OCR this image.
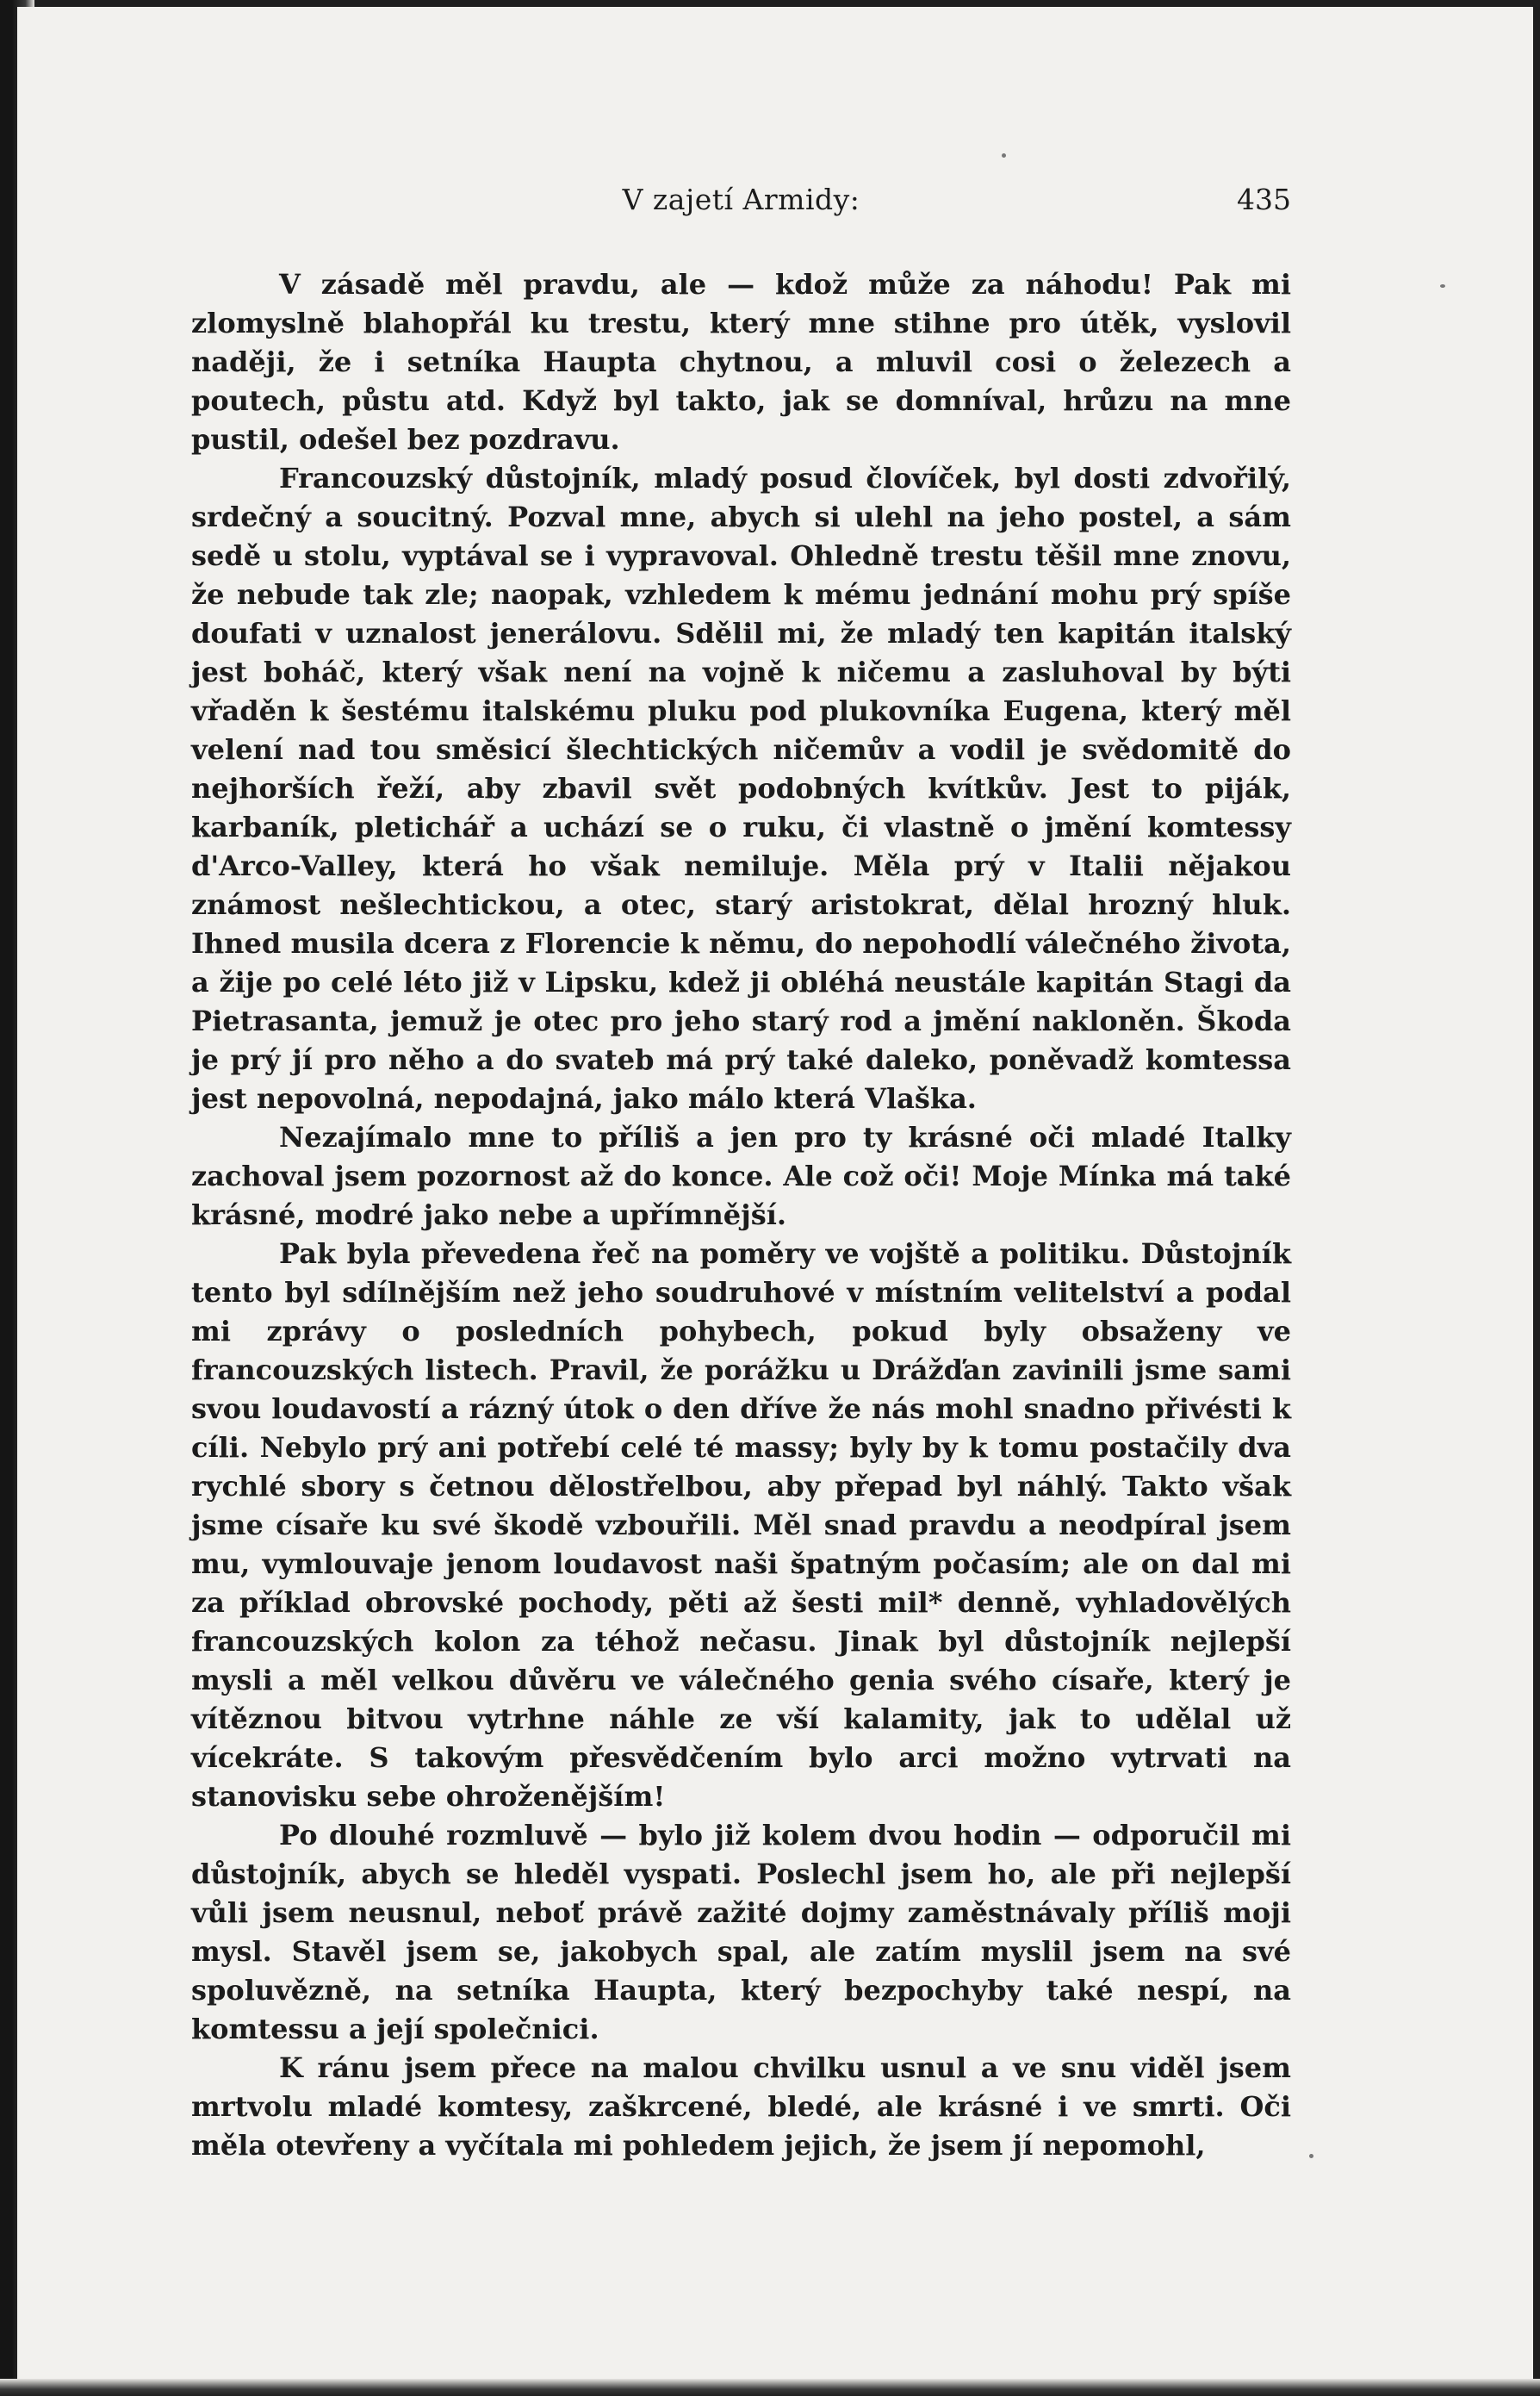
V zajetí Armidy:	435

V zásadě měl pravdu, ale — kdož může za náhodu! Pak mi zlomyslně blahopřál ku trestu, který mne stihne pro útěk, vyslovil naději, že i setníka Haupta chytnou, a mluvil cosi o železech a poutech, půstu atd. Když byl takto, jak se domníval, hrůzu na mne pustil, odešel bez pozdravu.

Francouzský důstojník, mladý posud človíček, byl dosti zdvořilý, srdečný a soucitný. Pozval mne, abych si ulehl na jeho postel, a sám sedě u stolu, vyptával se i vypravoval. Ohledně trestu těšil mne znovu, že nebude tak zle; naopak, vzhledem k mému jednání mohu prý spíše doufati v uznalost jenerálovu. Sdělil mi, že mladý ten kapitán italský jest boháč, který však není na vojně k ničemu a zasluhoval by býti vřaděn k šestému italskému pluku pod plukovníka Eugena, který měl velení nad tou směsicí šlechtických ničemův a vodil je svědomitě do nejhorších řeží, aby zbavil svět podobných kvítkův. Jest to piják, karbaník, pletichář a uchází se o ruku, či vlastně o jmění komtessy d'Arco-Valley, která ho však nemiluje. Měla prý v Italii nějakou známost nešlechtickou, a otec, starý aristokrat, dělal hrozný hluk. Ihned musila dcera z Florencie k němu, do nepohodlí válečného života, a žije po celé léto již v Lipsku, kdež ji obléhá neustále kapitán Stagi da Pietrasanta, jemuž je otec pro jeho starý rod a jmění nakloněn. Škoda je prý jí pro něho a do svateb má prý také daleko, poněvadž komtessa jest nepovolná, nepodajná, jako málo která Vlaška.

Nezajímalo mne to příliš a jen pro ty krásné oči mladé Italky zachoval jsem pozornost až do konce. Ale což oči! Moje Mínka má také krásné, modré jako nebe a upřímnější.

Pak byla převedena řeč na poměry ve vojště a politiku. Důstojník tento byl sdílnějším než jeho soudruhové v místním velitelství a podal mi zprávy o posledních pohybech, pokud byly obsaženy ve francouzských listech. Pravil, že porážku u Drážďan zavinili jsme sami svou loudavostí a rázný útok o den dříve že nás mohl snadno přivésti k cíli. Nebylo prý ani potřebí celé té massy; byly by k tomu postačily dva rychlé sbory s četnou dělostřelbou, aby přepad byl náhlý. Takto však jsme císaře ku své škodě vzbouřili. Měl snad pravdu a neodpíral jsem mu, vymlouvaje jenom loudavost naši špatným počasím; ale on dal mi za příklad obrovské pochody, pěti až šesti mil* denně, vyhladovělých francouzských kolon za téhož nečasu. Jinak byl důstojník nejlepší mysli a měl velkou důvěru ve válečného genia svého císaře, který je vítěznou bitvou vytrhne náhle ze vší kalamity, jak to udělal už vícekráte. S takovým přesvědčením bylo arci možno vytrvati na stanovisku sebe ohroženějším!

Po dlouhé rozmluvě — bylo již kolem dvou hodin — odporučil mi důstojník, abych se hleděl vyspati. Poslechl jsem ho, ale při nejlepší vůli jsem neusnul, neboť právě zažité dojmy zaměstnávaly příliš moji mysl. Stavěl jsem se, jakobych spal, ale zatím myslil jsem na své spoluvězně, na setníka Haupta, který bezpochyby také nespí, na komtessu a její společnici.

K ránu jsem přece na malou chvilku usnul a ve snu viděl jsem mrtvolu mladé komtesy, zaškrcené, bledé, ale krásné i ve smrti. Oči měla otevřeny a vyčítala mi pohledem jejich, že jsem jí nepomohl,
